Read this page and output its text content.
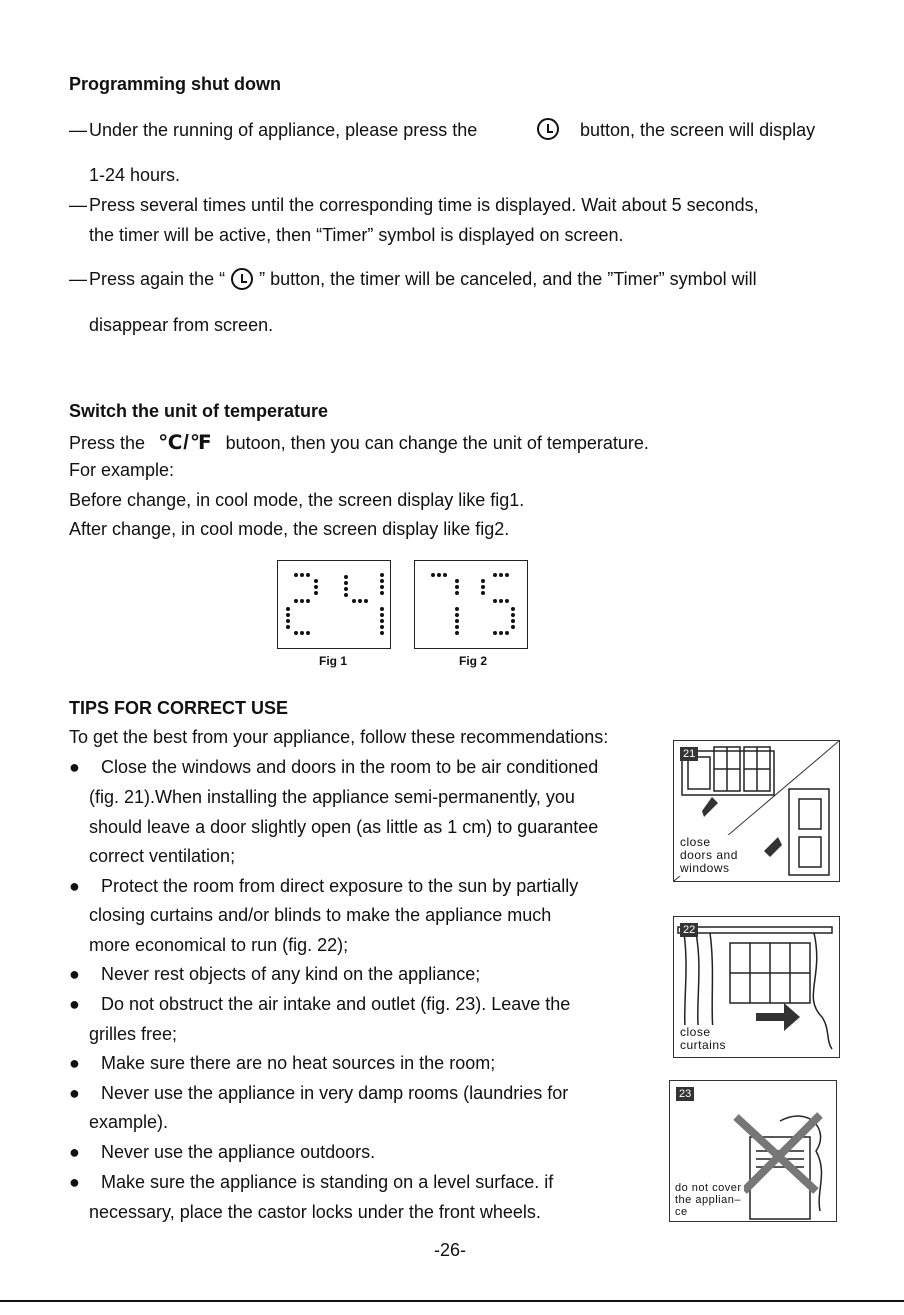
Programming shut down
— Under the running of appliance, please press the	button, the screen will display
1-24 hours.
— Press several times until the corresponding time is displayed. Wait about 5 seconds,
the timer will be active, then “Timer” symbol is displayed on screen.
— Press again the “ ” button, the timer will be canceled, and the ”Timer” symbol will
disappear from screen.
Switch the unit of temperature
Press the ℃/℉ butoon, then you can change the unit of temperature.
For example:
Before change, in cool mode, the screen display like fig1.
After change, in cool mode, the screen display like fig2.
Fig 1	Fig 2
TIPS FOR CORRECT USE
To get the best from your appliance, follow these recommendations:
● Close the windows and doors in the room to be air conditioned
(fig. 21).When installing the appliance semi-permanently, you
should leave a door slightly open (as little as 1 cm) to guarantee
correct ventilation;
● Protect the room from direct exposure to the sun by partially
closing curtains and/or blinds to make the appliance much
more economical to run (fig. 22);
● Never rest objects of any kind on the appliance;
● Do not obstruct the air intake and outlet (fig. 23). Leave the
grilles free;
● Make sure there are no heat sources in the room;
● Never use the appliance in very damp rooms (laundries for
example).
● Never use the appliance outdoors.
● Make sure the appliance is standing on a level surface. if
necessary, place the castor locks under the front wheels.
21
close
doors and
windows
22
close
curtains
23
do not cover
the applian–
ce
-26-
